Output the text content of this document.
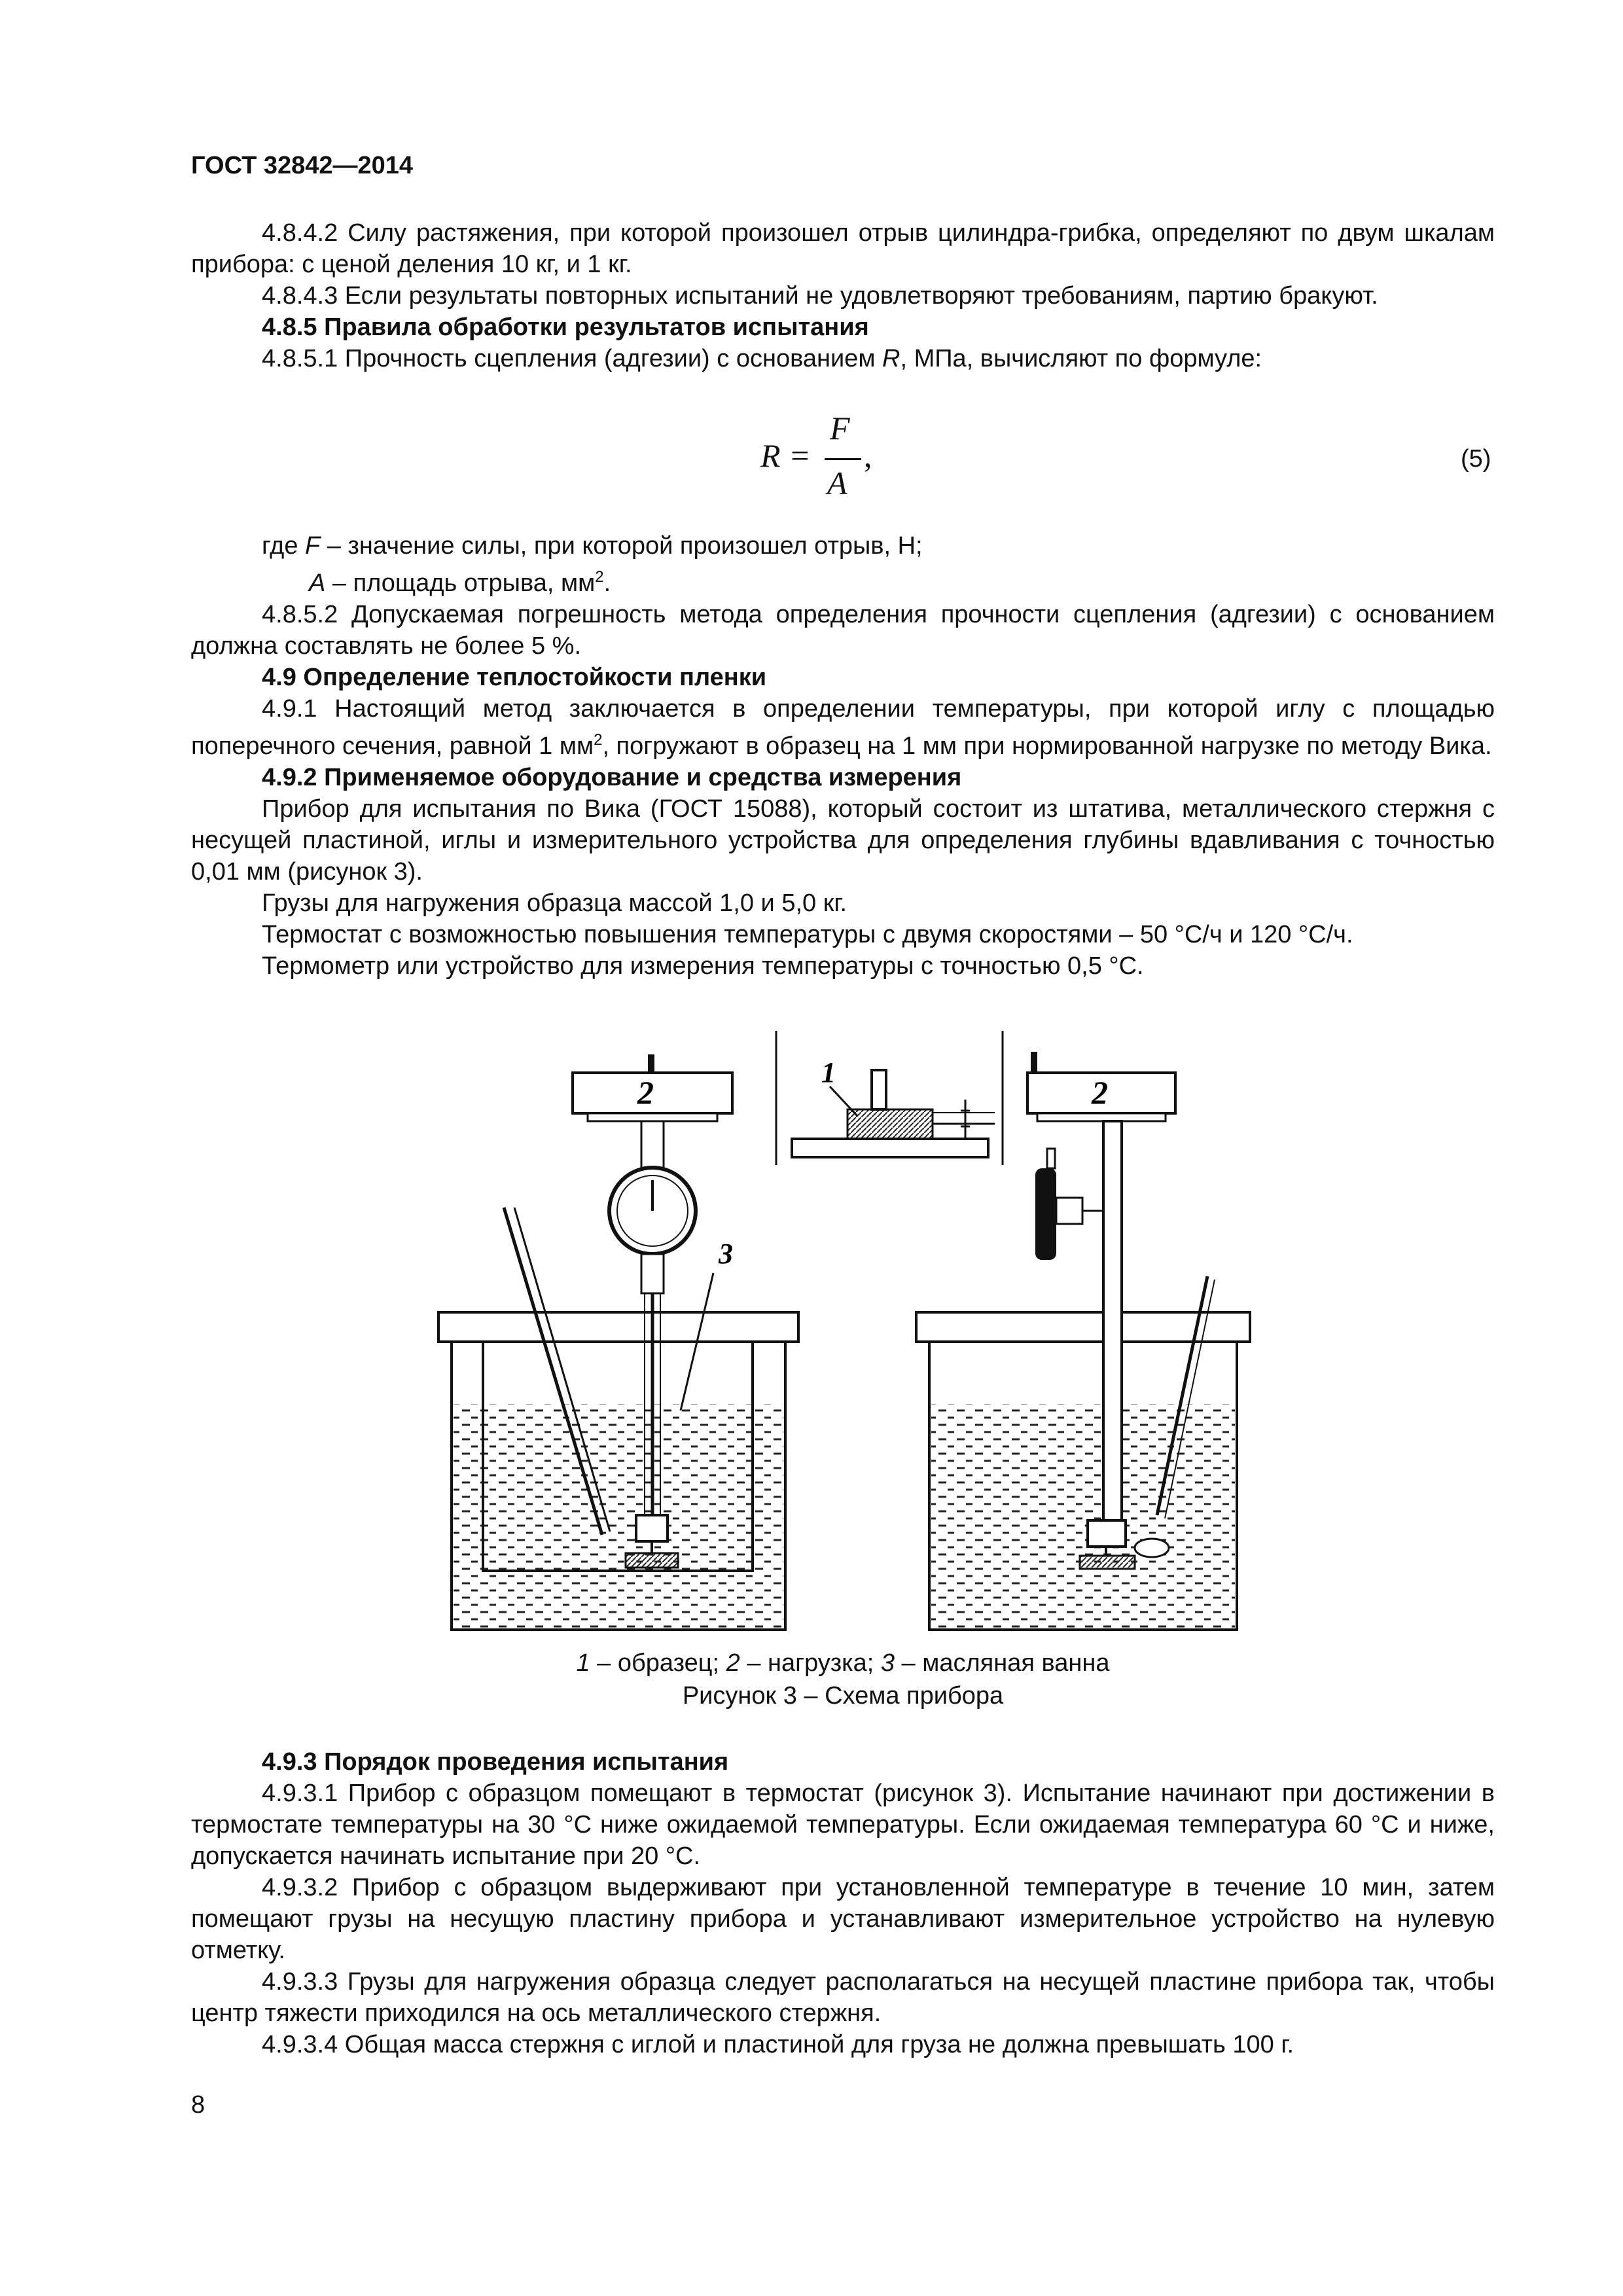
ГОСТ 32842—2014

4.8.4.2 Силу растяжения, при которой произошел отрыв цилиндра-грибка, определяют по двум шкалам прибора: с ценой деления 10 кг, и 1 кг.

4.8.4.3 Если результаты повторных испытаний не удовлетворяют требованиям, партию бракуют.

4.8.5 Правила обработки результатов испытания

4.8.5.1 Прочность сцепления (адгезии) с основанием R, МПа, вычисляют по формуле:

R =
F
A
,	(5)

где F – значение силы, при которой произошел отрыв, Н;

A – площадь отрыва, $мм^2$.

4.8.5.2 Допускаемая погрешность метода определения прочности сцепления (адгезии) с основанием должна составлять не более 5 %.

4.9 Определение теплостойкости пленки

4.9.1 Настоящий метод заключается в определении температуры, при которой иглу с площадью поперечного сечения, равной 1 $мм^2$, погружают в образец на 1 мм при нормированной нагрузке по методу Вика.

4.9.2 Применяемое оборудование и средства измерения

Прибор для испытания по Вика (ГОСТ 15088), который состоит из штатива, металлического стержня с несущей пластиной, иглы и измерительного устройства для определения глубины вдавливания с точностью 0,01 мм (рисунок 3).

Грузы для нагружения образца массой 1,0 и 5,0 кг.

Термостат с возможностью повышения температуры с двумя скоростями – 50 °С/ч и 120 °С/ч.

Термометр или устройство для измерения температуры с точностью 0,5 °С.

2
3
1
2
1 – образец; 2 – нагрузка; 3 – масляная ванна
Рисунок 3 – Схема прибора

4.9.3 Порядок проведения испытания

4.9.3.1 Прибор с образцом помещают в термостат (рисунок 3). Испытание начинают при достижении в термостате температуры на 30 °С ниже ожидаемой температуры. Если ожидаемая температура 60 °С и ниже, допускается начинать испытание при 20 °С.

4.9.3.2 Прибор с образцом выдерживают при установленной температуре в течение 10 мин, затем помещают грузы на несущую пластину прибора и устанавливают измерительное устройство на нулевую отметку.

4.9.3.3 Грузы для нагружения образца следует располагаться на несущей пластине прибора так, чтобы центр тяжести приходился на ось металлического стержня.

4.9.3.4 Общая масса стержня с иглой и пластиной для груза не должна превышать 100 г.

8
